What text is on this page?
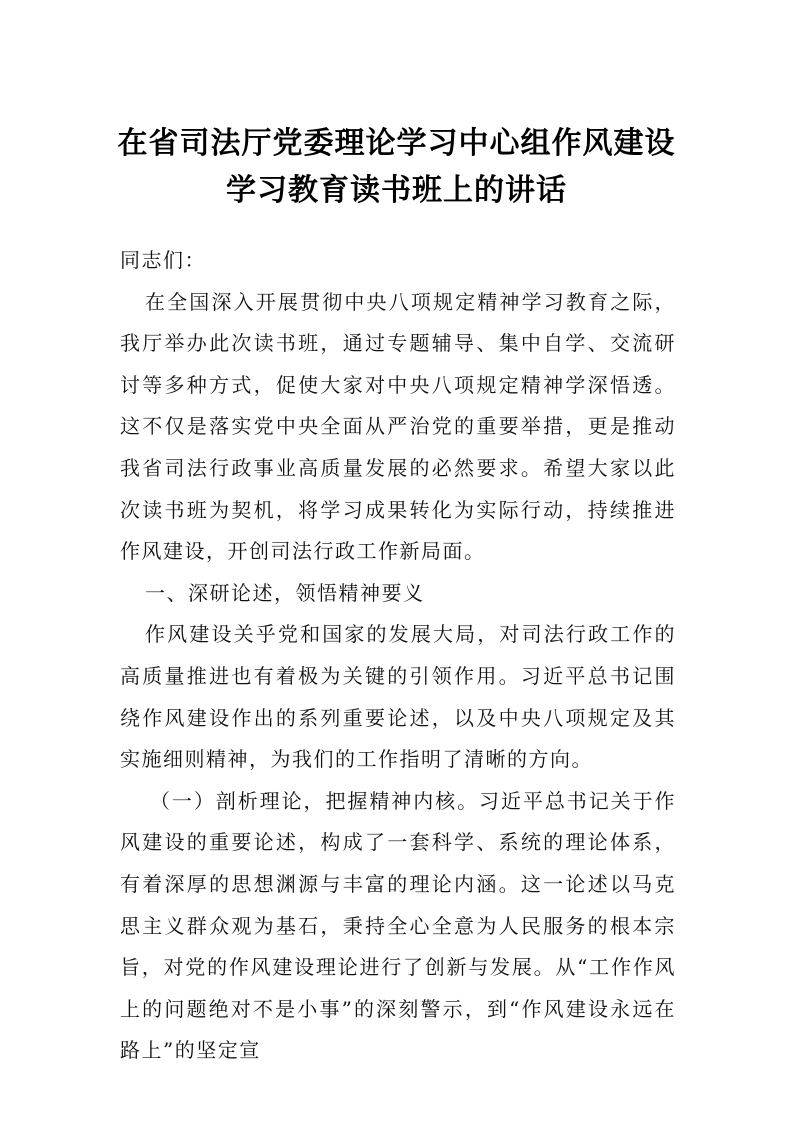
在省司法厅党委理论学习中心组作风建设
学习教育读书班上的讲话

同志们：

在全国深入开展贯彻中央八项规定精神学习教育之际，我厅举办此次读书班，通过专题辅导、集中自学、交流研讨等多种方式，促使大家对中央八项规定精神学深悟透。这不仅是落实党中央全面从严治党的重要举措，更是推动我省司法行政事业高质量发展的必然要求。希望大家以此次读书班为契机，将学习成果转化为实际行动，持续推进作风建设，开创司法行政工作新局面。

一、深研论述，领悟精神要义

作风建设关乎党和国家的发展大局，对司法行政工作的高质量推进也有着极为关键的引领作用。习近平总书记围绕作风建设作出的系列重要论述，以及中央八项规定及其实施细则精神，为我们的工作指明了清晰的方向。

（一）剖析理论，把握精神内核。习近平总书记关于作风建设的重要论述，构成了一套科学、系统的理论体系，有着深厚的思想渊源与丰富的理论内涵。这一论述以马克思主义群众观为基石，秉持全心全意为人民服务的根本宗旨，对党的作风建设理论进行了创新与发展。从“工作作风上的问题绝对不是小事”的深刻警示，到“作风建设永远在路上”的坚定宣
